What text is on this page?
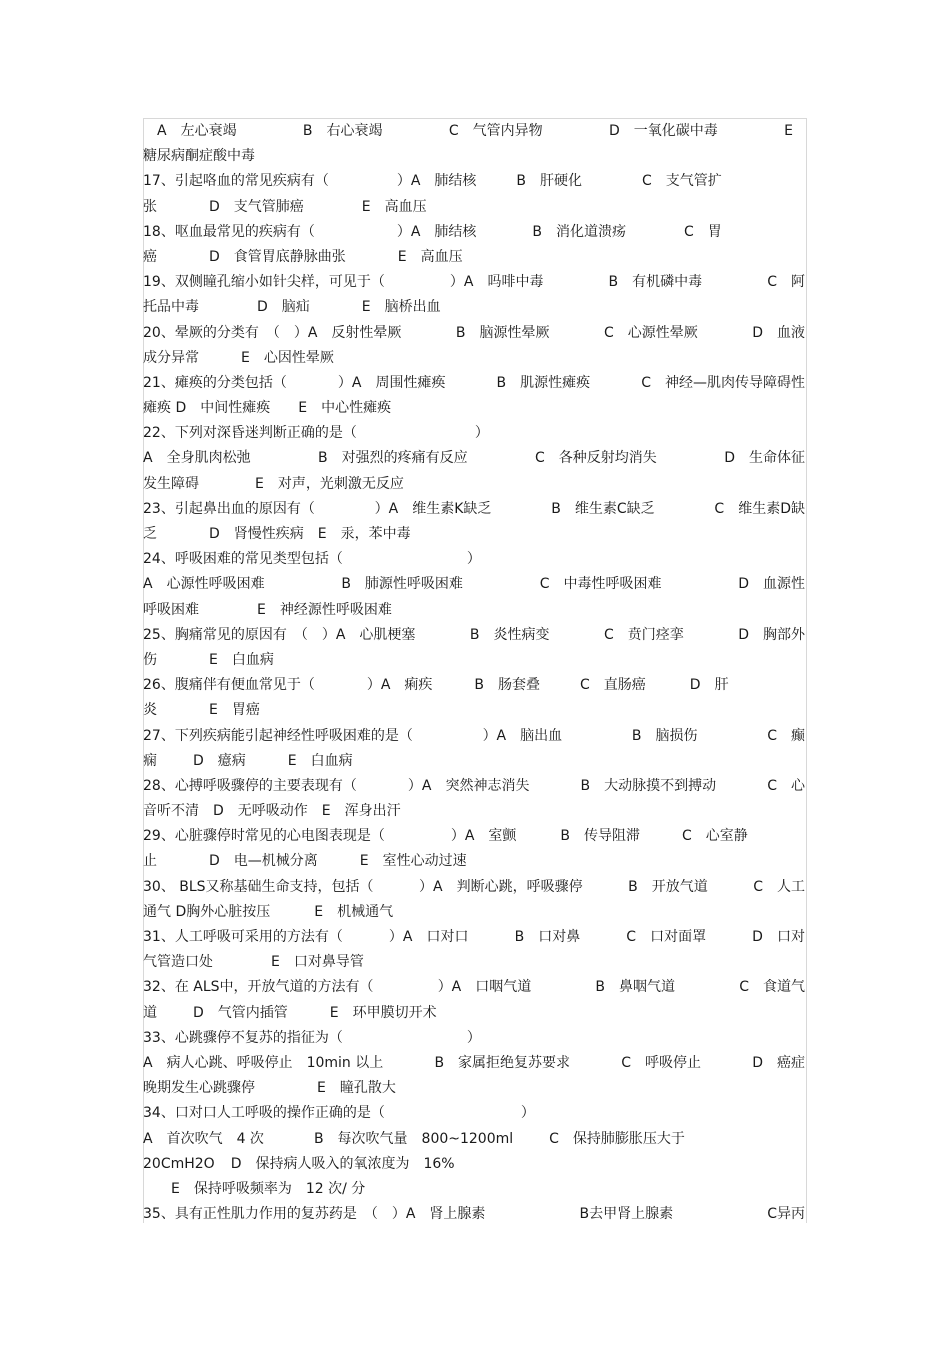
　A　左心衰竭	B　右心衰竭	C　气管内异物	D　一氧化碳中毒	E
糖尿病酮症酸中毒
17、引起咯血的常见疾病有（	）A　肺结核	B　肝硬化	C　支气管扩
张	D　支气管肺癌	E　高血压
18、呕血最常见的疾病有（	）A　肺结核	B　消化道溃疡	C　胃
癌	D　食管胃底静脉曲张	E　高血压
19、双侧瞳孔缩小如针尖样，可见于（	）A　吗啡中毒	B　有机磷中毒	C　阿
托品中毒	D　脑疝	E　脑桥出血
20、晕厥的分类有　（　）A　反射性晕厥	B　脑源性晕厥	C　心源性晕厥	D　血液
成分异常	E　心因性晕厥
21、瘫痪的分类包括（	）A　周围性瘫痪	B　肌源性瘫痪	C　神经—肌肉传导障碍性
瘫痪 D　中间性瘫痪 E　中心性瘫痪
22、下列对深昏迷判断正确的是（	）
A　全身肌肉松弛	B　对强烈的疼痛有反应	C　各种反射均消失	D　生命体征
发生障碍	E　对声，光刺激无反应
23、引起鼻出血的原因有（	）A　维生素K缺乏	B　维生素C缺乏	C　维生素D缺
乏	D　肾慢性疾病 E　汞，苯中毒
24、呼吸困难的常见类型包括（	）
A　心源性呼吸困难	B　肺源性呼吸困难	C　中毒性呼吸困难	D　血源性
呼吸困难	E　神经源性呼吸困难
25、胸痛常见的原因有　（　）A　心肌梗塞	B　炎性病变	C　贲门痉挛	D　胸部外
伤	E　白血病
26、腹痛伴有便血常见于（	）A　痢疾	B　肠套叠	C　直肠癌	D　肝
炎	E　胃癌
27、下列疾病能引起神经性呼吸困难的是（	）A　脑出血	B　脑损伤	C　癫
痫	D　癔病	E　白血病
28、心搏呼吸骤停的主要表现有（	）A　突然神志消失	B　大动脉摸不到搏动	C　心
音听不清 D　无呼吸动作 E　浑身出汗
29、心脏骤停时常见的心电图表现是（	）A　室颤	B　传导阻滞	C　心室静
止	D　电—机械分离	E　室性心动过速
30、 BLS又称基础生命支持，包括（	）A　判断心跳，呼吸骤停	B　开放气道	C　人工
通气 D胸外心脏按压	E　机械通气
31、人工呼吸可采用的方法有（	）A　口对口	B　口对鼻	C　口对面罩	D　口对
气管造口处	E　口对鼻导管
32、在 ALS中，开放气道的方法有（	）A　口咽气道	B　鼻咽气道	C　食道气
道	D　气管内插管	E　环甲膜切开术
33、心跳骤停不复苏的指征为（	）
A　病人心跳、呼吸停止　10min 以上	B　家属拒绝复苏要求	C　呼吸停止	D　癌症
晚期发生心跳骤停	E　瞳孔散大
34、口对口人工呼吸的操作正确的是（	）
A　首次吹气　4 次	B　每次吹气量　800~1200ml	C　保持肺膨胀压大于
20CmH2O D　保持病人吸入的氧浓度为　16%
　　E　保持呼吸频率为　12 次/ 分
35、具有正性肌力作用的复苏药是　（　）A　肾上腺素	B去甲肾上腺素	C异丙
